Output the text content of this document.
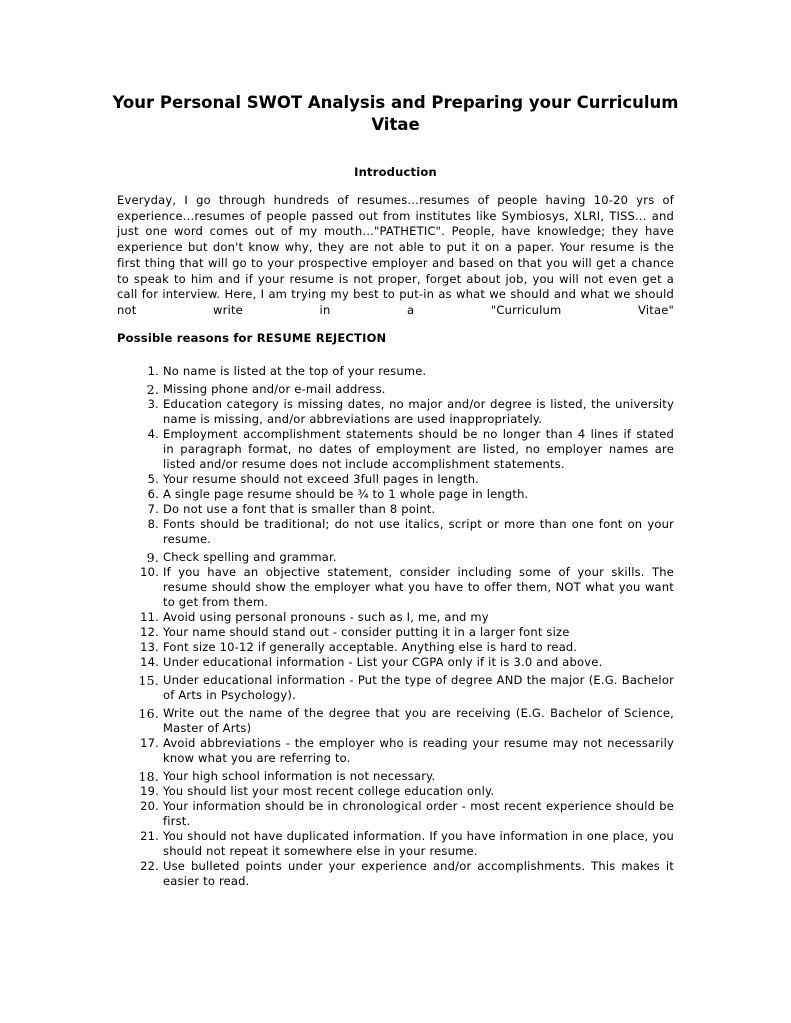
Your Personal SWOT Analysis and Preparing your Curriculum Vitae
Introduction

Everyday, I go through hundreds of resumes…resumes of people having 10-20 yrs of experience…resumes of people passed out from institutes like Symbiosys, XLRI, TISS… and just one word comes out of my mouth…"PATHETIC". People, have knowledge; they have experience but don't know why, they are not able to put it on a paper. Your resume is the first thing that will go to your prospective employer and based on that you will get a chance to speak to him and if your resume is not proper, forget about job, you will not even get a call for interview. Here, I am trying my best to put-in as what we should and what we should not write in a "Curriculum Vitae"

Possible reasons for RESUME REJECTION
1. No name is listed at the top of your resume.
2. Missing phone and/or e-mail address.
3. Education category is missing dates, no major and/or degree is listed, the university name is missing, and/or abbreviations are used inappropriately.
4. Employment accomplishment statements should be no longer than 4 lines if stated in paragraph format, no dates of employment are listed, no employer names are listed and/or resume does not include accomplishment statements.
5. Your resume should not exceed 3full pages in length.
6. A single page resume should be ¾ to 1 whole page in length.
7. Do not use a font that is smaller than 8 point.
8. Fonts should be traditional; do not use italics, script or more than one font on your resume.
9. Check spelling and grammar.
10. If you have an objective statement, consider including some of your skills. The resume should show the employer what you have to offer them, NOT what you want to get from them.
11. Avoid using personal pronouns - such as I, me, and my
12. Your name should stand out - consider putting it in a larger font size
13. Font size 10-12 if generally acceptable. Anything else is hard to read.
14. Under educational information - List your CGPA only if it is 3.0 and above.
15. Under educational information - Put the type of degree AND the major (E.G. Bachelor of Arts in Psychology).
16. Write out the name of the degree that you are receiving (E.G. Bachelor of Science, Master of Arts)
17. Avoid abbreviations - the employer who is reading your resume may not necessarily know what you are referring to.
18. Your high school information is not necessary.
19. You should list your most recent college education only.
20. Your information should be in chronological order - most recent experience should be first.
21. You should not have duplicated information. If you have information in one place, you should not repeat it somewhere else in your resume.
22. Use bulleted points under your experience and/or accomplishments. This makes it easier to read.
